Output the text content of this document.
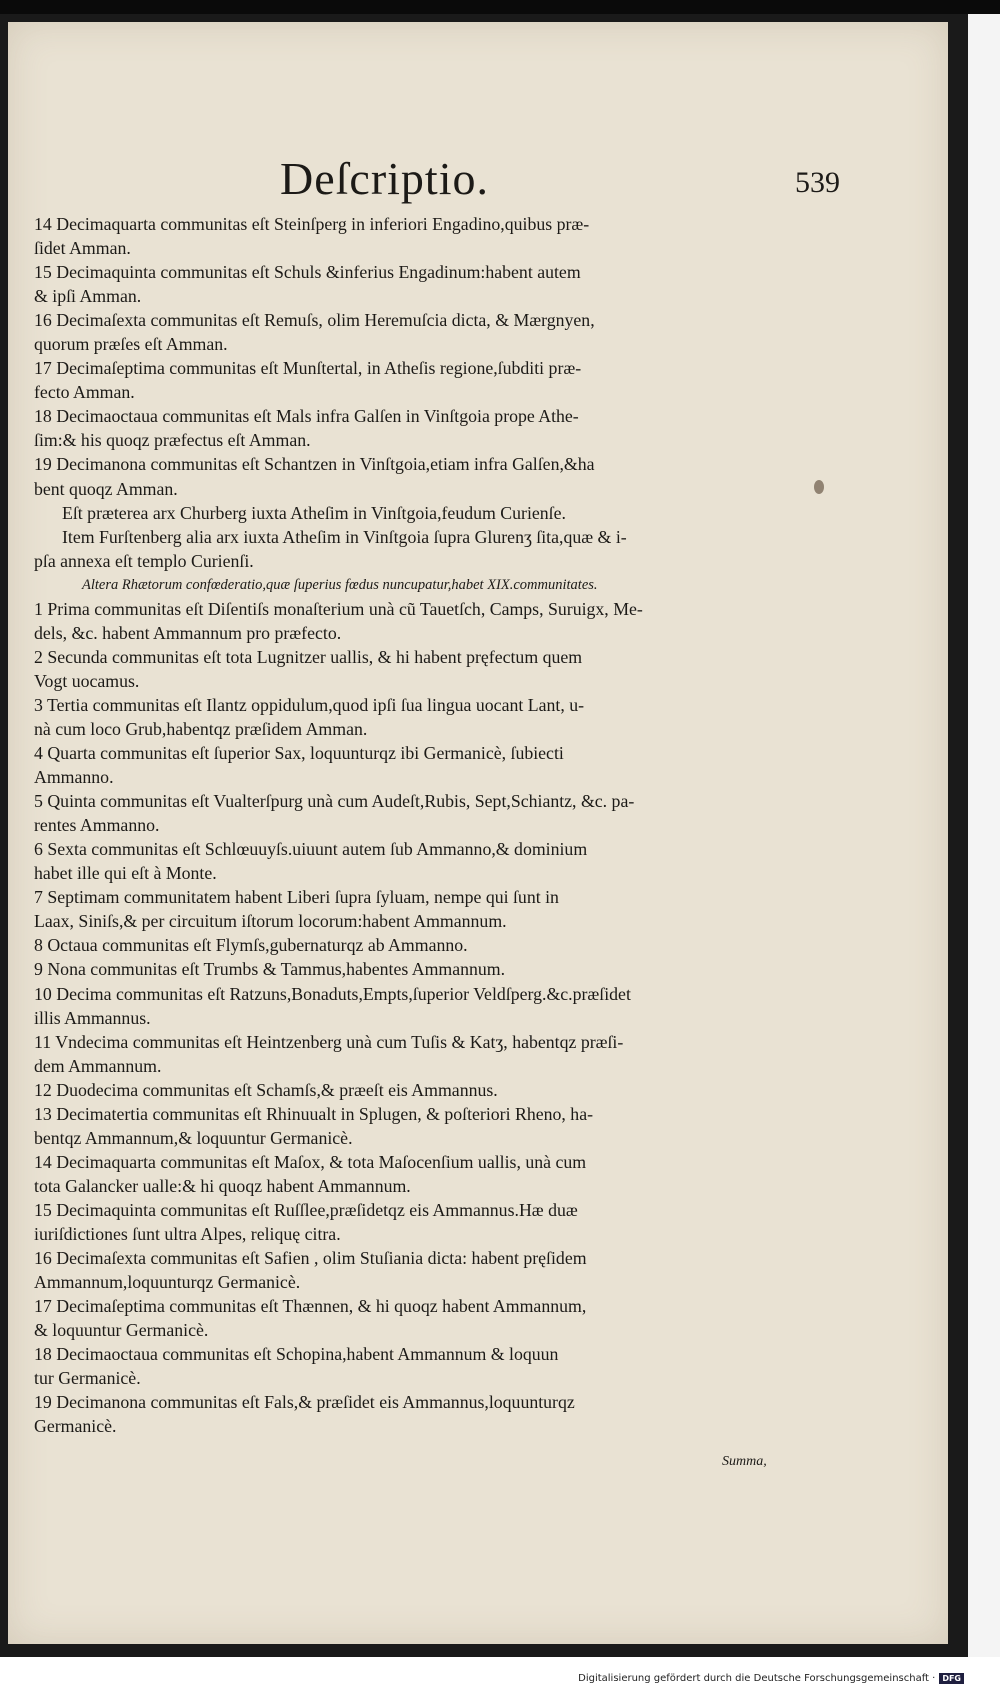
Deſcriptio.	539
14 Decimaquarta communitas eſt Steinſperg in inferiori Engadino,quibus præ-
ſidet Amman.
15 Decimaquinta communitas eſt Schuls &inferius Engadinum:habent autem
& ipſi Amman.
16 Decimaſexta communitas eſt Remuſs, olim Heremuſcia dicta, & Mærgnyen,
quorum præſes eſt Amman.
17 Decimaſeptima communitas eſt Munſtertal, in Atheſis regione,ſubditi præ-
fecto Amman.
18 Decimaoctaua communitas eſt Mals infra Galſen in Vinſtgoia prope Athe-
ſim:& his quoqz præfectus eſt Amman.
19 Decimanona communitas eſt Schantzen in Vinſtgoia,etiam infra Galſen,&ha
bent quoqz Amman.
Eſt præterea arx Churberg iuxta Atheſim in Vinſtgoia,feudum Curienſe.
Item Furſtenberg alia arx iuxta Atheſim in Vinſtgoia ſupra Glurenʒ ſita,quæ & i-
pſa annexa eſt templo Curienſi.
Altera Rhætorum confœderatio,quæ ſuperius fœdus nuncupatur,habet XIX.communitates.
1 Prima communitas eſt Diſentiſs monaſterium unà cũ Tauetſch, Camps, Suruigx, Me-
dels, &c. habent Ammannum pro præfecto.
2 Secunda communitas eſt tota Lugnitzer uallis, & hi habent pręfectum quem
Vogt uocamus.
3 Tertia communitas eſt Ilantz oppidulum,quod ipſi ſua lingua uocant Lant, u-
nà cum loco Grub,habentqz præſidem Amman.
4 Quarta communitas eſt ſuperior Sax, loquunturqz ibi Germanicè, ſubiecti
Ammanno.
5 Quinta communitas eſt Vualterſpurg unà cum Audeſt,Rubis, Sept,Schiantz, &c. pa-
rentes Ammanno.
6 Sexta communitas eſt Schlœuuyſs.uiuunt autem ſub Ammanno,& dominium
habet ille qui eſt à Monte.
7 Septimam communitatem habent Liberi ſupra ſyluam, nempe qui ſunt in
Laax, Siniſs,& per circuitum iſtorum locorum:habent Ammannum.
8 Octaua communitas eſt Flymſs,gubernaturqz ab Ammanno.
9 Nona communitas eſt Trumbs & Tammus,habentes Ammannum.
10 Decima communitas eſt Ratzuns,Bonaduts,Empts,ſuperior Veldſperg.&c.præſidet
illis Ammannus.
11 Vndecima communitas eſt Heintzenberg unà cum Tuſis & Katʒ, habentqz præſi-
dem Ammannum.
12 Duodecima communitas eſt Schamſs,& præeſt eis Ammannus.
13 Decimatertia communitas eſt Rhinuualt in Splugen, & poſteriori Rheno, ha-
bentqz Ammannum,& loquuntur Germanicè.
14 Decimaquarta communitas eſt Maſox, & tota Maſocenſium uallis, unà cum
tota Galancker ualle:& hi quoqz habent Ammannum.
15 Decimaquinta communitas eſt Ruſſlee,præſidetqz eis Ammannus.Hæ duæ
iuriſdictiones ſunt ultra Alpes, reliquę citra.
16 Decimaſexta communitas eſt Safien , olim Stuſiania dicta: habent pręſidem
Ammannum,loquunturqz Germanicè.
17 Decimaſeptima communitas eſt Thænnen, & hi quoqz habent Ammannum,
& loquuntur Germanicè.
18 Decimaoctaua communitas eſt Schopina,habent Ammannum & loquun
tur Germanicè.
19 Decimanona communitas eſt Fals,& præſidet eis Ammannus,loquunturqz
Germanicè.
Summa,
Digitalisierung gefördert durch die Deutsche Forschungsgemeinschaft · DFG
